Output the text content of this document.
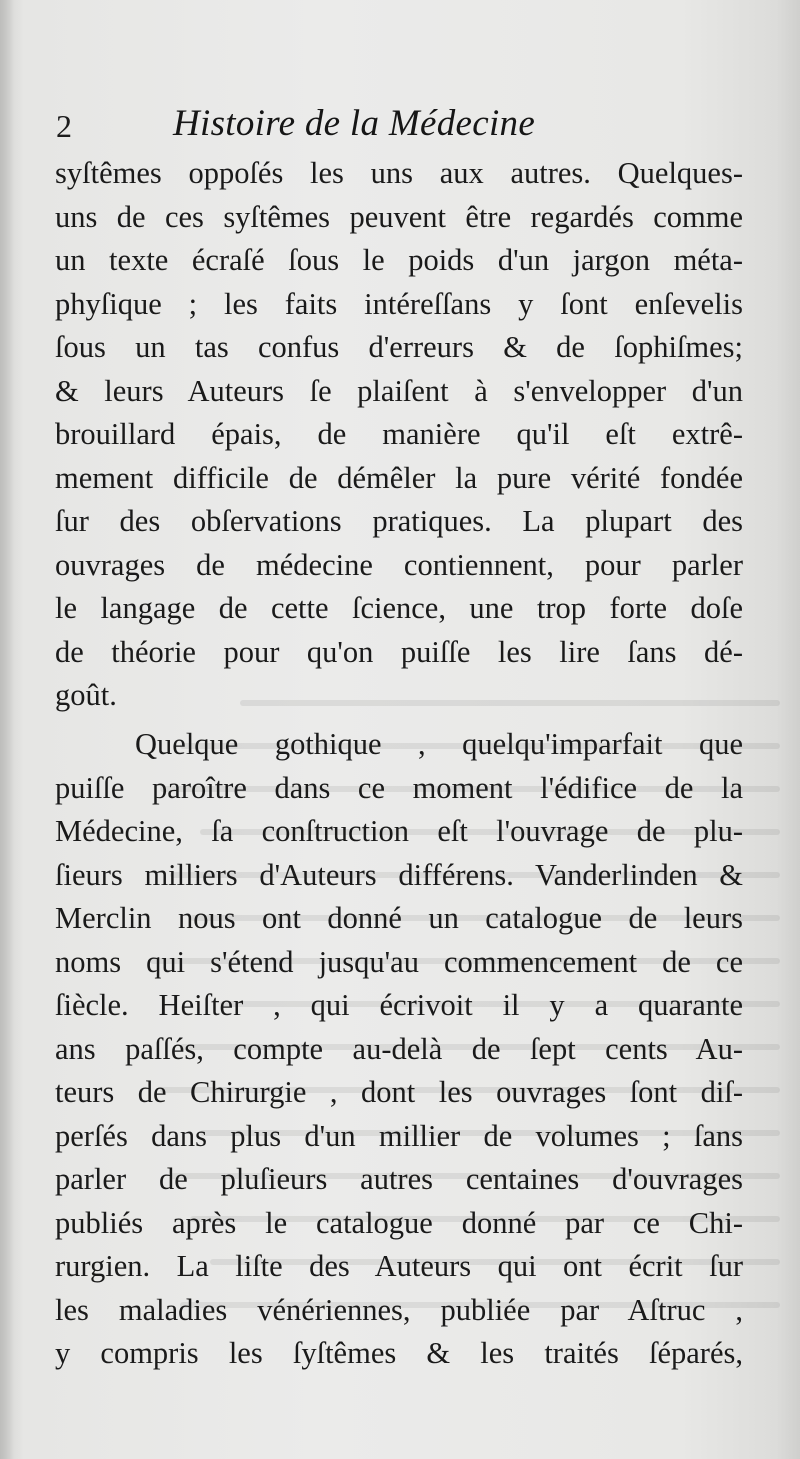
2	Histoire de la Médecine
syſtêmes oppoſés les uns aux autres. Quelques-
uns de ces syſtêmes peuvent être regardés comme
un texte écraſé ſous le poids d'un jargon méta-
phyſique ; les faits intéreſſans y ſont enſevelis
ſous un tas confus d'erreurs & de ſophiſmes;
& leurs Auteurs ſe plaiſent à s'envelopper d'un
brouillard épais, de manière qu'il eſt extrê-
mement difficile de démêler la pure vérité fondée
ſur des obſervations pratiques. La plupart des
ouvrages de médecine contiennent, pour parler
le langage de cette ſcience, une trop forte doſe
de théorie pour qu'on puiſſe les lire ſans dé-
goût.
Quelque gothique , quelqu'imparfait que
puiſſe paroître dans ce moment l'édifice de la
Médecine, ſa conſtruction eſt l'ouvrage de plu-
ſieurs milliers d'Auteurs différens. Vanderlinden &
Merclin nous ont donné un catalogue de leurs
noms qui s'étend jusqu'au commencement de ce
ſiècle. Heiſter , qui écrivoit il y a quarante
ans paſſés, compte au-delà de ſept cents Au-
teurs de Chirurgie , dont les ouvrages ſont diſ-
perſés dans plus d'un millier de volumes ; ſans
parler de pluſieurs autres centaines d'ouvrages
publiés après le catalogue donné par ce Chi-
rurgien. La liſte des Auteurs qui ont écrit ſur
les maladies vénériennes, publiée par Aſtruc ,
y compris les ſyſtêmes & les traités ſéparés,
